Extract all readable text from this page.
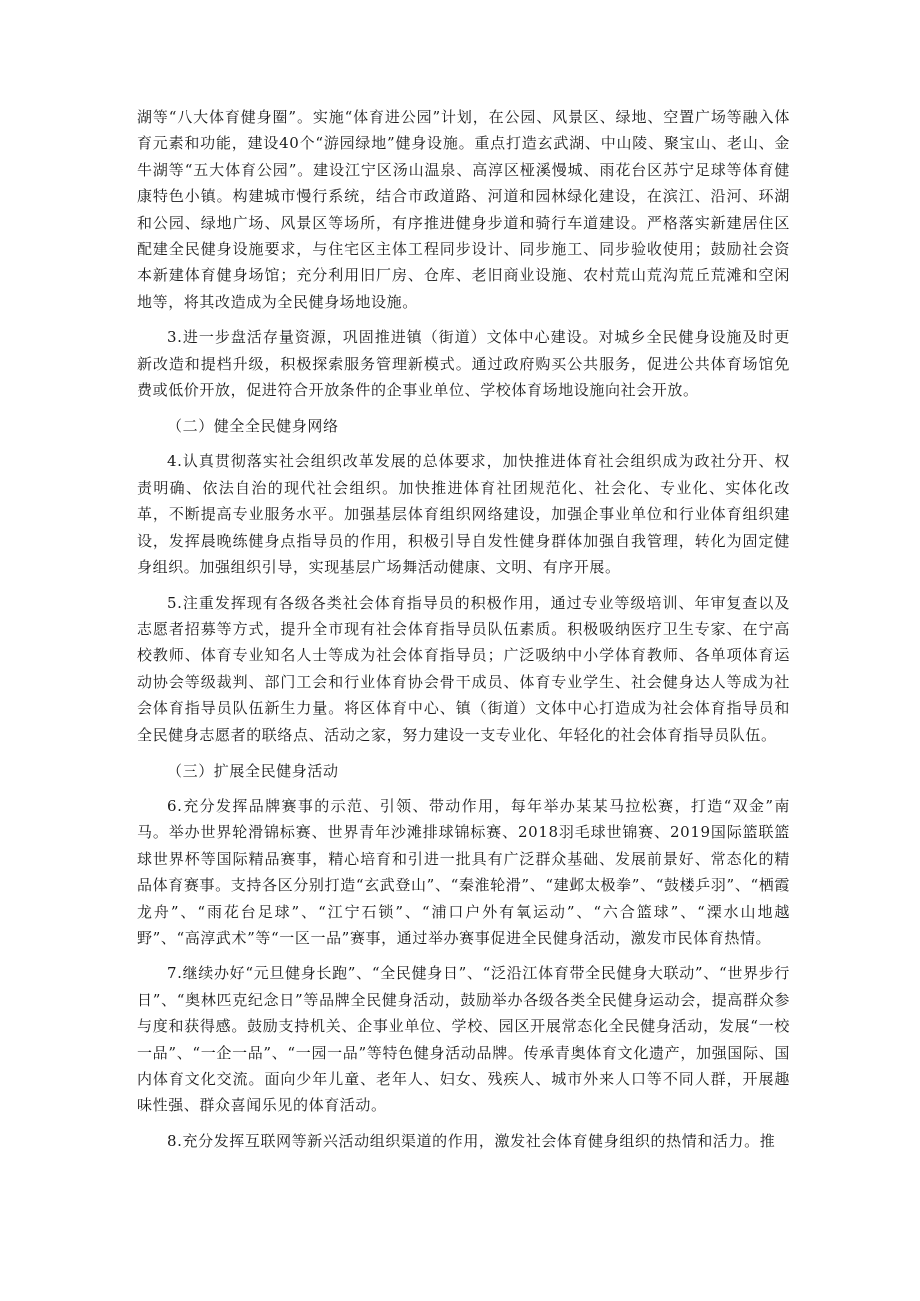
湖等“八大体育健身圈”。实施“体育进公园”计划，在公园、风景区、绿地、空置广场等融入体育元素和功能，建设40个“游园绿地”健身设施。重点打造玄武湖、中山陵、聚宝山、老山、金牛湖等“五大体育公园”。建设江宁区汤山温泉、高淳区桠溪慢城、雨花台区苏宁足球等体育健康特色小镇。构建城市慢行系统，结合市政道路、河道和园林绿化建设，在滨江、沿河、环湖和公园、绿地广场、风景区等场所，有序推进健身步道和骑行车道建设。严格落实新建居住区配建全民健身设施要求，与住宅区主体工程同步设计、同步施工、同步验收使用；鼓励社会资本新建体育健身场馆；充分利用旧厂房、仓库、老旧商业设施、农村荒山荒沟荒丘荒滩和空闲地等，将其改造成为全民健身场地设施。

3.进一步盘活存量资源，巩固推进镇（街道）文体中心建设。对城乡全民健身设施及时更新改造和提档升级，积极探索服务管理新模式。通过政府购买公共服务，促进公共体育场馆免费或低价开放，促进符合开放条件的企事业单位、学校体育场地设施向社会开放。

（二）健全全民健身网络

4.认真贯彻落实社会组织改革发展的总体要求，加快推进体育社会组织成为政社分开、权责明确、依法自治的现代社会组织。加快推进体育社团规范化、社会化、专业化、实体化改革，不断提高专业服务水平。加强基层体育组织网络建设，加强企事业单位和行业体育组织建设，发挥晨晚练健身点指导员的作用，积极引导自发性健身群体加强自我管理，转化为固定健身组织。加强组织引导，实现基层广场舞活动健康、文明、有序开展。

5.注重发挥现有各级各类社会体育指导员的积极作用，通过专业等级培训、年审复查以及志愿者招募等方式，提升全市现有社会体育指导员队伍素质。积极吸纳医疗卫生专家、在宁高校教师、体育专业知名人士等成为社会体育指导员；广泛吸纳中小学体育教师、各单项体育运动协会等级裁判、部门工会和行业体育协会骨干成员、体育专业学生、社会健身达人等成为社会体育指导员队伍新生力量。将区体育中心、镇（街道）文体中心打造成为社会体育指导员和全民健身志愿者的联络点、活动之家，努力建设一支专业化、年轻化的社会体育指导员队伍。

（三）扩展全民健身活动

6.充分发挥品牌赛事的示范、引领、带动作用，每年举办某某马拉松赛，打造“双金”南马。举办世界轮滑锦标赛、世界青年沙滩排球锦标赛、2018羽毛球世锦赛、2019国际篮联篮球世界杯等国际精品赛事，精心培育和引进一批具有广泛群众基础、发展前景好、常态化的精品体育赛事。支持各区分别打造“玄武登山”、“秦淮轮滑”、“建邺太极拳”、“鼓楼乒羽”、“栖霞龙舟”、“雨花台足球”、“江宁石锁”、“浦口户外有氧运动”、“六合篮球”、“溧水山地越野”、“高淳武术”等“一区一品”赛事，通过举办赛事促进全民健身活动，激发市民体育热情。

7.继续办好“元旦健身长跑”、“全民健身日”、“泛沿江体育带全民健身大联动”、“世界步行日”、“奥林匹克纪念日”等品牌全民健身活动，鼓励举办各级各类全民健身运动会，提高群众参与度和获得感。鼓励支持机关、企事业单位、学校、园区开展常态化全民健身活动，发展“一校一品”、“一企一品”、“一园一品”等特色健身活动品牌。传承青奥体育文化遗产，加强国际、国内体育文化交流。面向少年儿童、老年人、妇女、残疾人、城市外来人口等不同人群，开展趣味性强、群众喜闻乐见的体育活动。

8.充分发挥互联网等新兴活动组织渠道的作用，激发社会体育健身组织的热情和活力。推
